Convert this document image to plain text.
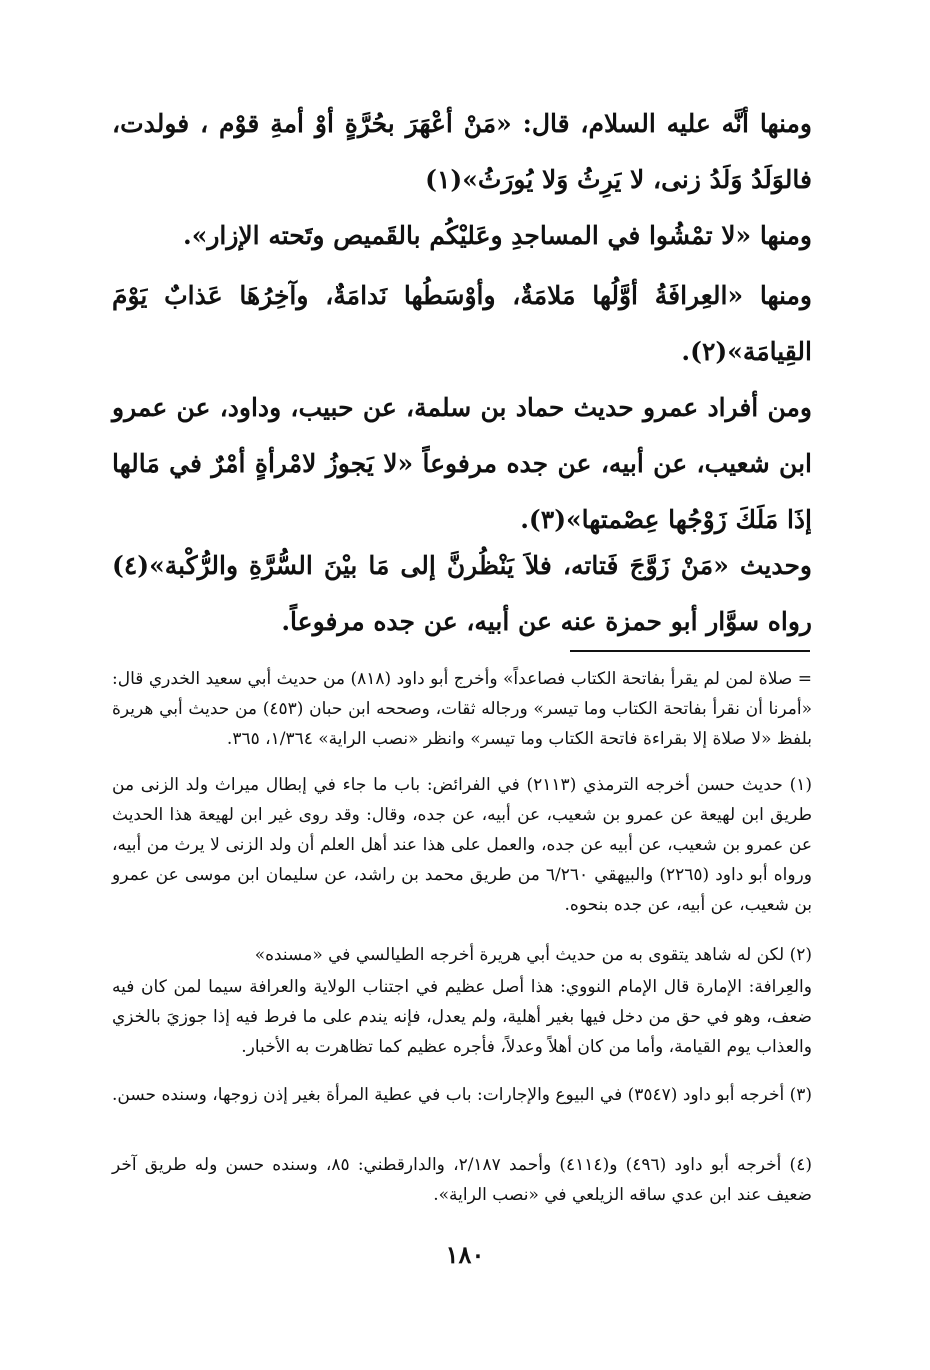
ومنها أنَّه عليه السلام، قال: «مَنْ أعْهَرَ بحُرَّةٍ أوْ أمةِ قوْم ، فولدت، فالوَلَدُ وَلَدُ زنى، لا يَرِثُ وَلا يُورَثُ»(١)

ومنها «لا تمْشُوا في المساجدِ وعَليْكُم بالقَميص وتَحته الإزار».

ومنها «العِرافَةُ أوَّلُها مَلامَةٌ، وأوْسَطُها نَدامَةٌ، وآخِرُهَا عَذابٌ يَوْمَ القِيامَة»(٢).

ومن أفراد عمرو حديث حماد بن سلمة، عن حبيب، وداود، عن عمرو ابن شعيب، عن أبيه، عن جده مرفوعاً «لا يَجوزُ لامْرأةٍ أمْرٌ في مَالها إذَا مَلَكَ زَوْجُها عِصْمتها»(٣).

وحديث «مَنْ زَوَّجَ فَتاته، فلاَ يَنْظُرنَّ إلى مَا بيْنَ السُّرَّةِ والرُّكْبة»(٤) رواه سوَّار أبو حمزة عنه عن أبيه، عن جده مرفوعاً.

= صلاة لمن لم يقرأ بفاتحة الكتاب فصاعداً» وأخرج أبو داود (٨١٨) من حديث أبي سعيد الخدري قال: «أمرنا أن نقرأ بفاتحة الكتاب وما تيسر» ورجاله ثقات، وصححه ابن حبان (٤٥٣) من حديث أبي هريرة بلفظ «لا صلاة إلا بقراءة فاتحة الكتاب وما تيسر» وانظر «نصب الراية» ١/٣٦٤، ٣٦٥.

(١) حديث حسن أخرجه الترمذي (٢١١٣) في الفرائض: باب ما جاء في إبطال ميراث ولد الزنى من طريق ابن لهيعة عن عمرو بن شعيب، عن أبيه، عن جده، وقال: وقد روى غير ابن لهيعة هذا الحديث عن عمرو بن شعيب، عن أبيه عن جده، والعمل على هذا عند أهل العلم أن ولد الزنى لا يرث من أبيه، ورواه أبو داود (٢٢٦٥) والبيهقي ٦/٢٦٠ من طريق محمد بن راشد، عن سليمان ابن موسى عن عمرو بن شعيب، عن أبيه، عن جده بنحوه.

(٢) لكن له شاهد يتقوى به من حديث أبي هريرة أخرجه الطيالسي في «مسنده»

والعِرافة: الإمارة قال الإمام النووي: هذا أصل عظيم في اجتناب الولاية والعرافة سيما لمن كان فيه ضعف، وهو في حق من دخل فيها بغير أهلية، ولم يعدل، فإنه يندم على ما فرط فيه إذا جوزيَ بالخزي والعذاب يوم القيامة، وأما من كان أهلاً وعدلاً، فأجره عظيم كما تظاهرت به الأخبار.

(٣) أخرجه أبو داود (٣٥٤٧) في البيوع والإجارات: باب في عطية المرأة بغير إذن زوجها، وسنده حسن.

(٤) أخرجه أبو داود (٤٩٦) و(٤١١٤) وأحمد ٢/١٨٧، والدارقطني: ٨٥، وسنده حسن وله طريق آخر ضعيف عند ابن عدي ساقه الزيلعي في «نصب الراية».

١٨٠
